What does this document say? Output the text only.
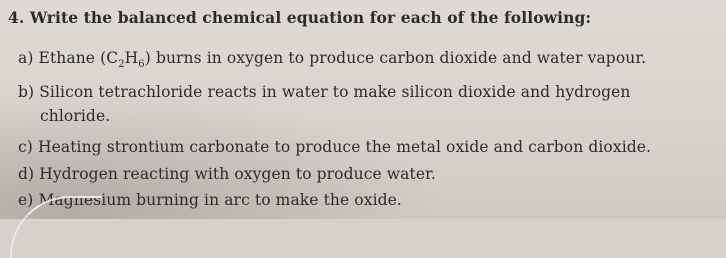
4. Write the balanced chemical equation for each of the following:
a) Ethane $(C_2H_6)$ burns in oxygen to produce carbon dioxide and water vapour.
b) Silicon tetrachloride reacts in water to make silicon dioxide and hydrogen
chloride.
c) Heating strontium carbonate to produce the metal oxide and carbon dioxide.
d) Hydrogen reacting with oxygen to produce water.
e) Magnesium burning in arc to make the oxide.
